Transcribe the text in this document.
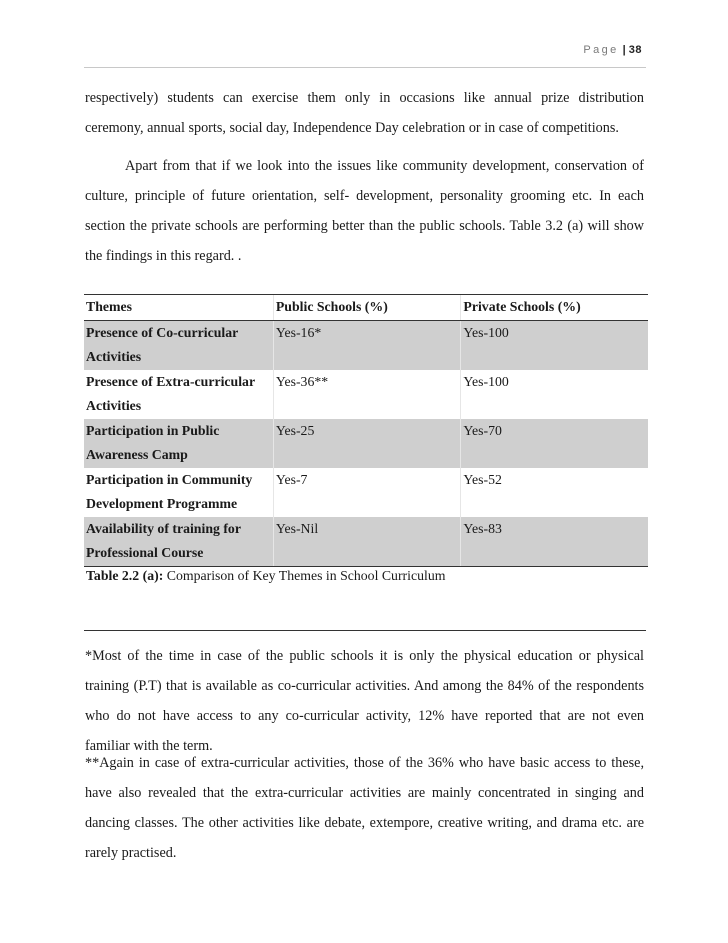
Page | 38
respectively) students can exercise them only in occasions like annual prize distribution
ceremony, annual sports, social day, Independence Day celebration or in case of competitions.
Apart from that if we look into the issues like community development, conservation of
culture, principle of future orientation, self- development, personality grooming etc. In each
section the private schools are performing better than the public schools. Table 3.2 (a) will show
the findings in this regard. .
Themes	Public Schools (%)	Private Schools (%)
Presence of Co-curricular Activities	Yes-16*	Yes-100
Presence of Extra-curricular Activities	Yes-36**	Yes-100
Participation in Public Awareness Camp	Yes-25	Yes-70
Participation in Community Development Programme	Yes-7	Yes-52
Availability of training for Professional Course	Yes-Nil	Yes-83
Table 2.2 (a): Comparison of Key Themes in School Curriculum
*Most of the time in case of the public schools it is only the physical education or physical
training (P.T) that is available as co-curricular activities. And among the 84% of the respondents
who do not have access to any co-curricular activity, 12% have reported that are not even
familiar with the term.
**Again in case of extra-curricular activities, those of the 36% who have basic access to these,
have also revealed that the extra-curricular activities are mainly concentrated in singing and
dancing classes. The other activities like debate, extempore, creative writing, and drama etc. are
rarely practised.
